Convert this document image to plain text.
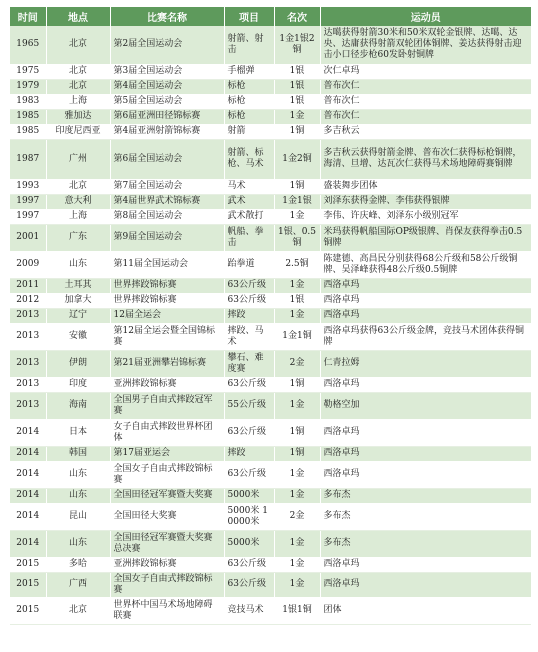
时间	地点	比赛名称	项目	名次	运动员
1965	北京	第2届全国运动会	射箭、射击	1金1银2铜	达噶获得射箭30米和50米双轮金银牌、达噶、达央、达庸获得射箭双轮团体铜牌、姜达获得射击迎击小口径步枪60发卧射铜牌
1975	北京	第3届全国运动会	手榴弹	1银	次仁卓玛
1979	北京	第4届全国运动会	标枪	1银	普布次仁
1983	上海	第5届全国运动会	标枪	1银	普布次仁
1985	雅加达	第6届亚洲田径锦标赛	标枪	1金	普布次仁
1985	印度尼西亚	第4届亚洲射箭锦标赛	射箭	1铜	多吉秋云
1987	广州	第6届全国运动会	射箭、标枪、马术	1金2铜	多吉秋云获得射箭金牌、普布次仁获得标枪铜牌，海清、旦增、达瓦次仁获得马术场地障碍赛铜牌
1993	北京	第7届全国运动会	马术	1铜	盛装舞步团体
1997	意大利	第4届世界武术锦标赛	武术	1金1银	刘泽东获得金牌、李伟获得银牌
1997	上海	第8届全国运动会	武术散打	1金	李伟、许庆峰、刘泽东小级别冠军
2001	广东	第9届全国运动会	帆船、拳击	1银、0.5铜	米玛获得帆船国际OP级银牌、肖保友获得拳击0.5铜牌
2009	山东	第11届全国运动会	跆拳道	2.5铜	陈建德、高昌民分别获得68公斤级和58公斤级铜牌、吴泽峰获得48公斤级0.5铜牌
2011	土耳其	世界摔跤锦标赛	63公斤级	1金	西洛卓玛
2012	加拿大	世界摔跤锦标赛	63公斤级	1银	西洛卓玛
2013	辽宁	12届全运会	摔跤	1金	西洛卓玛
2013	安徽	第12届全运会暨全国锦标赛	摔跤、马术	1金1铜	西洛卓玛获得63公斤级金牌，竞技马术团体获得铜牌
2013	伊朗	第21届亚洲攀岩锦标赛	攀石、难度赛	2金	仁青拉姆
2013	印度	亚洲摔跤锦标赛	63公斤级	1铜	西洛卓玛
2013	海南	全国男子自由式摔跤冠军赛	55公斤级	1金	勒格空加
2014	日本	女子自由式摔跤世界杯团体	63公斤级	1铜	西洛卓玛
2014	韩国	第17届亚运会	摔跤	1铜	西洛卓玛
2014	山东	全国女子自由式摔跤锦标赛	63公斤级	1金	西洛卓玛
2014	山东	全国田径冠军赛暨大奖赛	5000米	1金	多布杰
2014	昆山	全国田径大奖赛	5000米 10000米	2金	多布杰
2014	山东	全国田径冠军赛暨大奖赛总决赛	5000米	1金	多布杰
2015	多哈	亚洲摔跤锦标赛	63公斤级	1金	西洛卓玛
2015	广西	全国女子自由式摔跤锦标赛	63公斤级	1金	西洛卓玛
2015	北京	世界杯中国马术场地障碍联赛	竞技马术	1银1铜	团体
